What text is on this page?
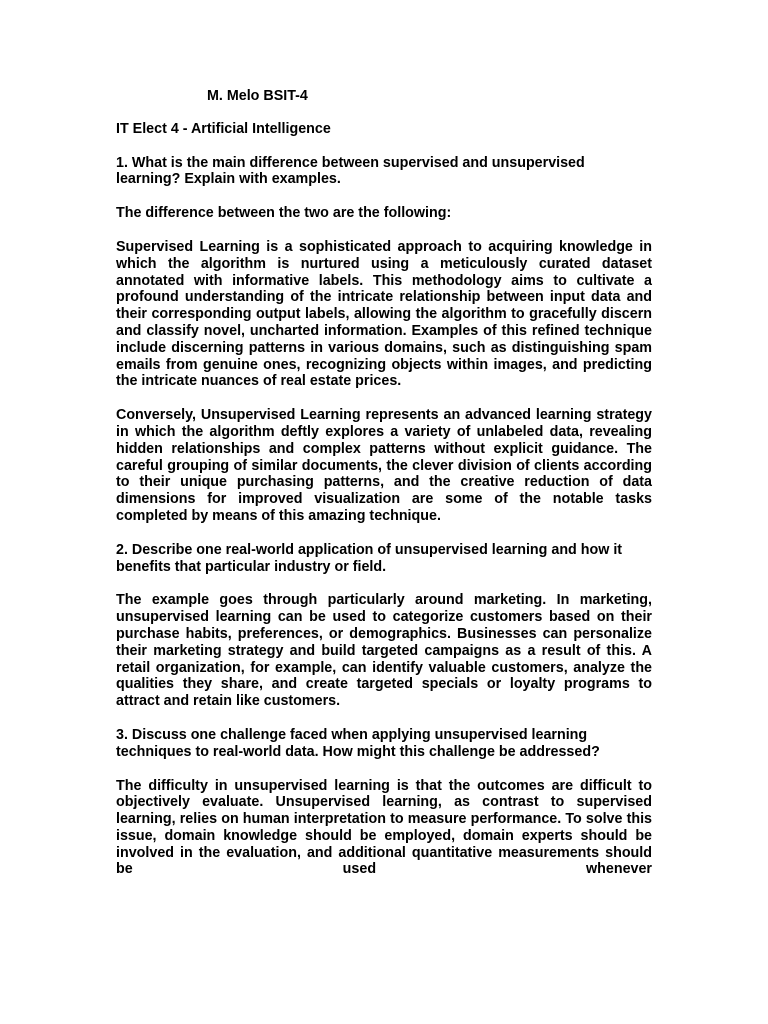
M. Melo BSIT-4
IT Elect 4 - Artificial Intelligence

1. What is the main difference between supervised and unsupervised learning? Explain with examples.

The difference between the two are the following:

Supervised Learning is a sophisticated approach to acquiring knowledge in which the algorithm is nurtured using a meticulously curated dataset annotated with informative labels. This methodology aims to cultivate a profound understanding of the intricate relationship between input data and their corresponding output labels, allowing the algorithm to gracefully discern and classify novel, uncharted information. Examples of this refined technique include discerning patterns in various domains, such as distinguishing spam emails from genuine ones, recognizing objects within images, and predicting the intricate nuances of real estate prices.

Conversely, Unsupervised Learning represents an advanced learning strategy in which the algorithm deftly explores a variety of unlabeled data, revealing hidden relationships and complex patterns without explicit guidance. The careful grouping of similar documents, the clever division of clients according to their unique purchasing patterns, and the creative reduction of data dimensions for improved visualization are some of the notable tasks completed by means of this amazing technique.

2. Describe one real-world application of unsupervised learning and how it benefits that particular industry or field.

The example goes through particularly around marketing. In marketing, unsupervised learning can be used to categorize customers based on their purchase habits, preferences, or demographics. Businesses can personalize their marketing strategy and build targeted campaigns as a result of this. A retail organization, for example, can identify valuable customers, analyze the qualities they share, and create targeted specials or loyalty programs to attract and retain like customers.

3. Discuss one challenge faced when applying unsupervised learning techniques to real-world data. How might this challenge be addressed?

The difficulty in unsupervised learning is that the outcomes are difficult to objectively evaluate. Unsupervised learning, as contrast to supervised learning, relies on human interpretation to measure performance. To solve this issue, domain knowledge should be employed, domain experts should be involved in the evaluation, and additional quantitative measurements should be used whenever
